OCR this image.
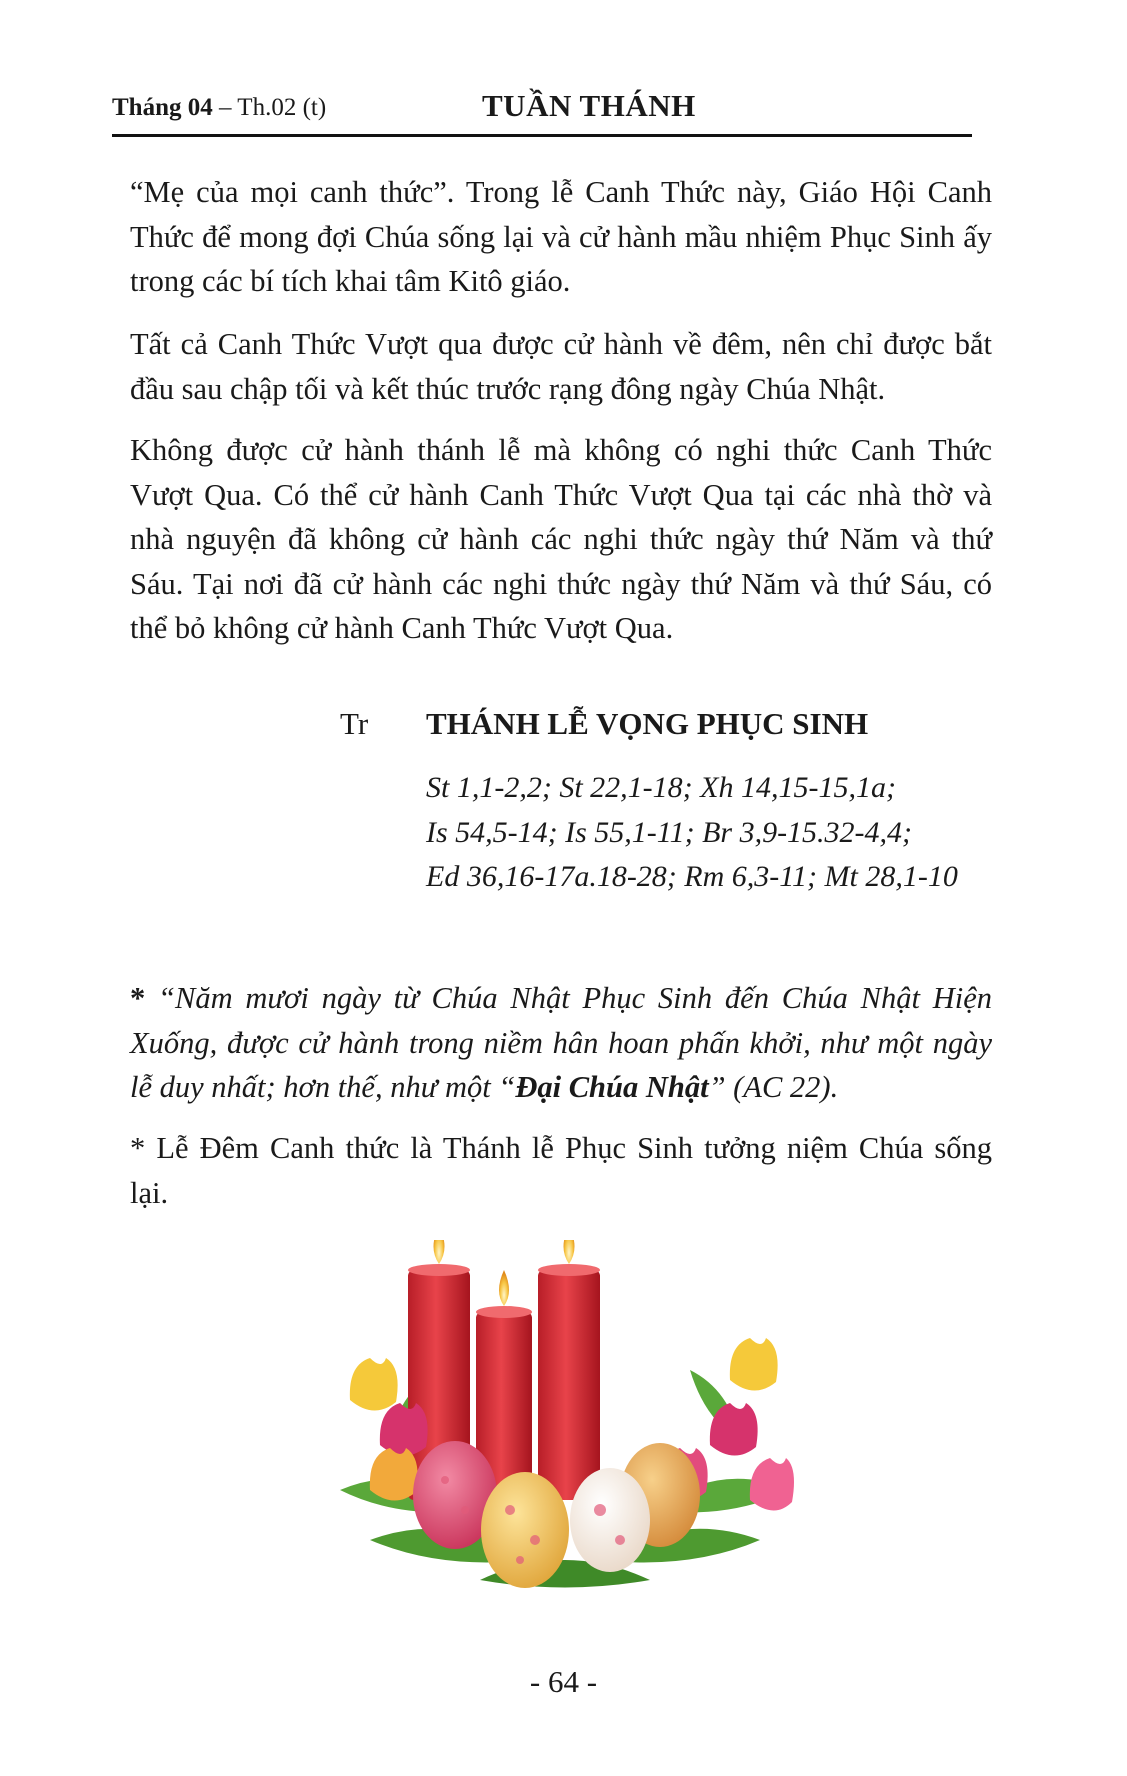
Tháng 04 – Th.02 (t)	TUẦN THÁNH

“Mẹ của mọi canh thức”. Trong lễ Canh Thức này, Giáo Hội Canh Thức để mong đợi Chúa sống lại và cử hành mầu nhiệm Phục Sinh ấy trong các bí tích khai tâm Kitô giáo.

Tất cả Canh Thức Vượt qua được cử hành về đêm, nên chỉ được bắt đầu sau chập tối và kết thúc trước rạng đông ngày Chúa Nhật.

Không được cử hành thánh lễ mà không có nghi thức Canh Thức Vượt Qua. Có thể cử hành Canh Thức Vượt Qua tại các nhà thờ và nhà nguyện đã không cử hành các nghi thức ngày thứ Năm và thứ Sáu. Tại nơi đã cử hành các nghi thức ngày thứ Năm và thứ Sáu, có thể bỏ không cử hành Canh Thức Vượt Qua.

Tr THÁNH LỄ VỌNG PHỤC SINH
St 1,1-2,2; St 22,1-18; Xh 14,15-15,1a;
Is 54,5-14; Is 55,1-11; Br 3,9-15.32-4,4;
Ed 36,16-17a.18-28; Rm 6,3-11; Mt 28,1-10

* “Năm mươi ngày từ Chúa Nhật Phục Sinh đến Chúa Nhật Hiện Xuống, được cử hành trong niềm hân hoan phấn khởi, như một ngày lễ duy nhất; hơn thế, như một “Đại Chúa Nhật” (AC 22).

* Lễ Đêm Canh thức là Thánh lễ Phục Sinh tưởng niệm Chúa sống lại.

- 64 -
